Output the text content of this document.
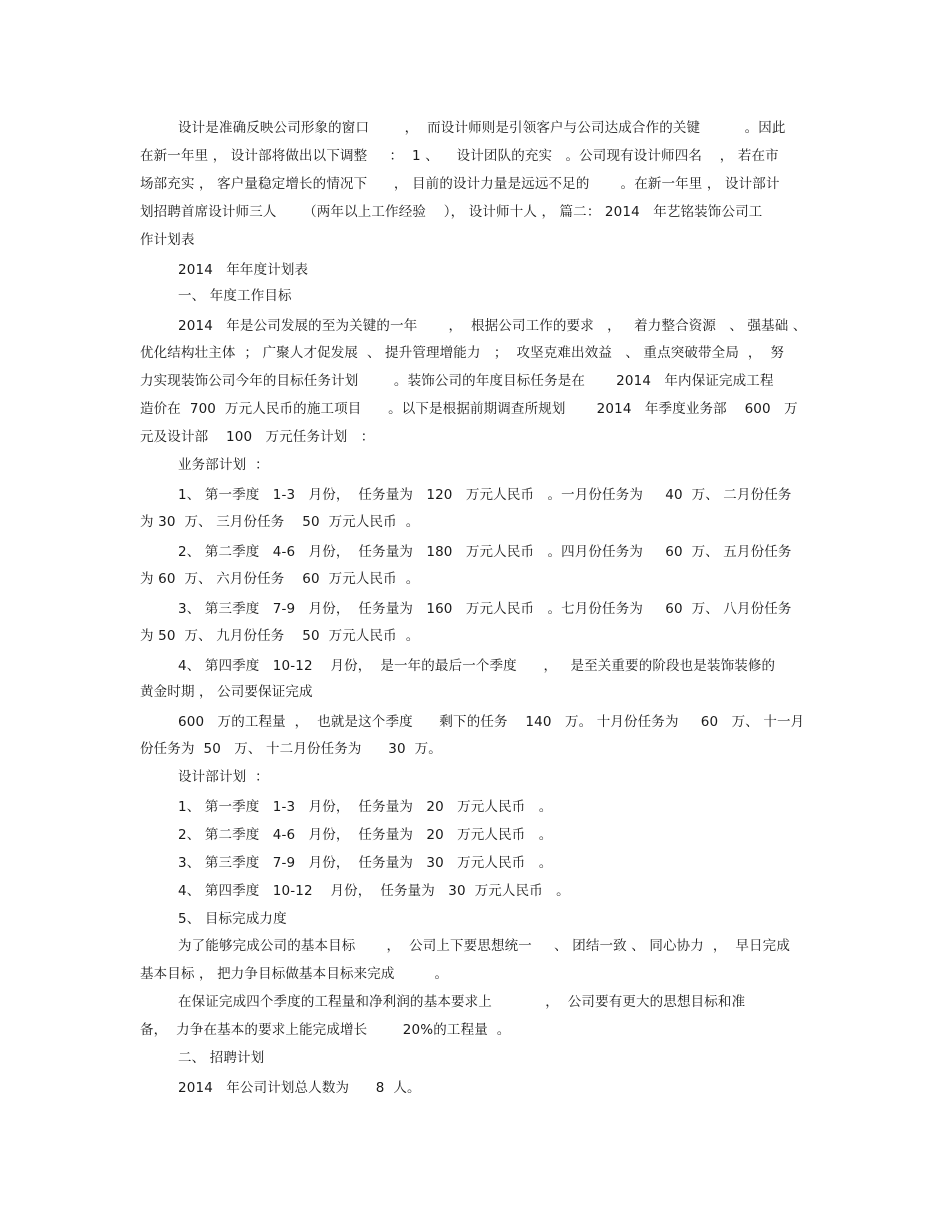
设计是准确反映公司形象的窗口        ，  而设计师则是引领客户与公司达成合作的关键          。因此
在新一年里 ， 设计部将做出以下调整     ：  1 、    设计团队的充实   。公司现有设计师四名    ， 若在市
场部充实 ， 客户量稳定增长的情况下      ， 目前的设计力量是远远不足的       。在新一年里 ， 设计部计
划招聘首席设计师三人      （两年以上工作经验    ）， 设计师十人 ， 篇二： 2014   年艺铭装饰公司工
作计划表
2014   年年度计划表
一、 年度工作目标
2014   年是公司发展的至为关键的一年       ，  根据公司工作的要求   ，   着力整合资源   、 强基础 、
优化结构壮主体  ； 广聚人才促发展  、 提升管理增能力   ；  攻坚克难出效益   、 重点突破带全局  ，  努
力实现装饰公司今年的目标任务计划        。装饰公司的年度目标任务是在       2014   年内保证完成工程
造价在  700  万元人民币的施工项目      。以下是根据前期调查所规划       2014   年季度业务部    600   万
元及设计部    100   万元任务计划   ：
业务部计划  ：
1、 第一季度   1-3   月份，  任务量为   120   万元人民币   。一月份任务为     40  万、 二月份任务
为 30  万、 三月份任务    50  万元人民币  。
2、 第二季度   4-6   月份，  任务量为   180   万元人民币   。四月份任务为     60  万、 五月份任务
为 60  万、 六月份任务    60  万元人民币  。
3、 第三季度   7-9   月份，  任务量为   160   万元人民币   。七月份任务为     60  万、 八月份任务
为 50  万、 九月份任务    50  万元人民币  。
4、 第四季度   10-12    月份，  是一年的最后一个季度      ，   是至关重要的阶段也是装饰装修的
黄金时期 ， 公司要保证完成
600   万的工程量  ，  也就是这个季度      剩下的任务    140   万。 十月份任务为     60   万、 十一月
份任务为  50   万、 十二月份任务为      30  万。
设计部计划  ：
1、 第一季度   1-3   月份，  任务量为   20   万元人民币   。
2、 第二季度   4-6   月份，  任务量为   20   万元人民币   。
3、 第三季度   7-9   月份，  任务量为   30   万元人民币   。
4、 第四季度   10-12    月份，  任务量为   30  万元人民币   。
5、 目标完成力度
为了能够完成公司的基本目标       ，  公司上下要思想统一     、 团结一致 、 同心协力  ，  早日完成
基本目标 ， 把力争目标做基本目标来完成         。
在保证完成四个季度的工程量和净利润的基本要求上            ，  公司要有更大的思想目标和准
备，  力争在基本的要求上能完成增长        20%的工程量  。
二、 招聘计划
2014   年公司计划总人数为      8  人。
